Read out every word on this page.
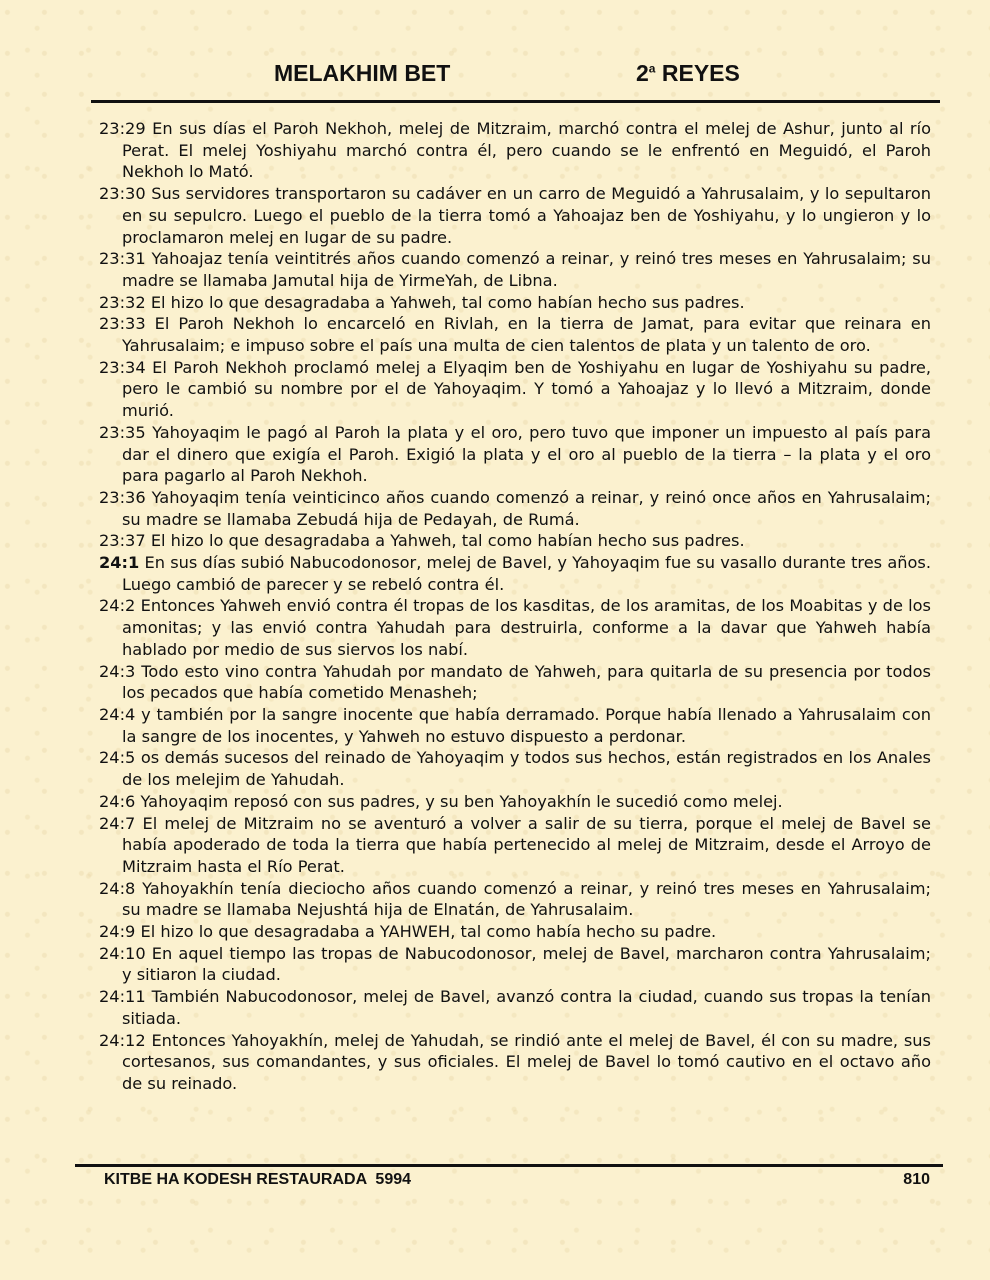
MELAKHIM BET	2$^a$ REYES
23:29 En sus días el Paroh Nekhoh, melej de Mitzraim, marchó contra el melej de Ashur, junto al río Perat. El melej Yoshiyahu marchó contra él, pero cuando se le enfrentó en Meguidó, el Paroh Nekhoh lo Mató.
23:30 Sus servidores transportaron su cadáver en un carro de Meguidó a Yahrusalaim, y lo sepultaron en su sepulcro. Luego el pueblo de la tierra tomó a Yahoajaz ben de Yoshiyahu, y lo ungieron y lo proclamaron melej en lugar de su padre.
23:31 Yahoajaz tenía veintitrés años cuando comenzó a reinar, y reinó tres meses en Yahrusalaim; su madre se llamaba Jamutal hija de YirmeYah, de Libna.
23:32 El hizo lo que desagradaba a Yahweh, tal como habían hecho sus padres.
23:33 El Paroh Nekhoh lo encarceló en Rivlah, en la tierra de Jamat, para evitar que reinara en Yahrusalaim; e impuso sobre el país una multa de cien talentos de plata y un talento de oro.
23:34 El Paroh Nekhoh proclamó melej a Elyaqim ben de Yoshiyahu en lugar de Yoshiyahu su padre, pero le cambió su nombre por el de Yahoyaqim. Y tomó a Yahoajaz y lo llevó a Mitzraim, donde murió.
23:35 Yahoyaqim le pagó al Paroh la plata y el oro, pero tuvo que imponer un impuesto al país para dar el dinero que exigía el Paroh. Exigió la plata y el oro al pueblo de la tierra – la plata y el oro para pagarlo al Paroh Nekhoh.
23:36 Yahoyaqim tenía veinticinco años cuando comenzó a reinar, y reinó once años en Yahrusalaim; su madre se llamaba Zebudá hija de Pedayah, de Rumá.
23:37 El hizo lo que desagradaba a Yahweh, tal como habían hecho sus padres.
24:1 En sus días subió Nabucodonosor, melej de Bavel, y Yahoyaqim fue su vasallo durante tres años. Luego cambió de parecer y se rebeló contra él.
24:2 Entonces Yahweh envió contra él tropas de los kasditas, de los aramitas, de los Moabitas y de los amonitas; y las envió contra Yahudah para destruirla, conforme a la davar que Yahweh había hablado por medio de sus siervos los nabí.
24:3 Todo esto vino contra Yahudah por mandato de Yahweh, para quitarla de su presencia por todos los pecados que había cometido Menasheh;
24:4 y también por la sangre inocente que había derramado. Porque había llenado a Yahrusalaim con la sangre de los inocentes, y Yahweh no estuvo dispuesto a perdonar.
24:5 os demás sucesos del reinado de Yahoyaqim y todos sus hechos, están registrados en los Anales de los melejim de Yahudah.
24:6 Yahoyaqim reposó con sus padres, y su ben Yahoyakhín le sucedió como melej.
24:7 El melej de Mitzraim no se aventuró a volver a salir de su tierra, porque el melej de Bavel se había apoderado de toda la tierra que había pertenecido al melej de Mitzraim, desde el Arroyo de Mitzraim hasta el Río Perat.
24:8 Yahoyakhín tenía dieciocho años cuando comenzó a reinar, y reinó tres meses en Yahrusalaim; su madre se llamaba Nejushtá hija de Elnatán, de Yahrusalaim.
24:9 El hizo lo que desagradaba a YAHWEH, tal como había hecho su padre.
24:10 En aquel tiempo las tropas de Nabucodonosor, melej de Bavel, marcharon contra Yahrusalaim; y sitiaron la ciudad.
24:11 También Nabucodonosor, melej de Bavel, avanzó contra la ciudad, cuando sus tropas la tenían sitiada.
24:12 Entonces Yahoyakhín, melej de Yahudah, se rindió ante el melej de Bavel, él con su madre, sus cortesanos, sus comandantes, y sus oficiales. El melej de Bavel lo tomó cautivo en el octavo año de su reinado.
KITBE HA KODESH RESTAURADA  5994	810
